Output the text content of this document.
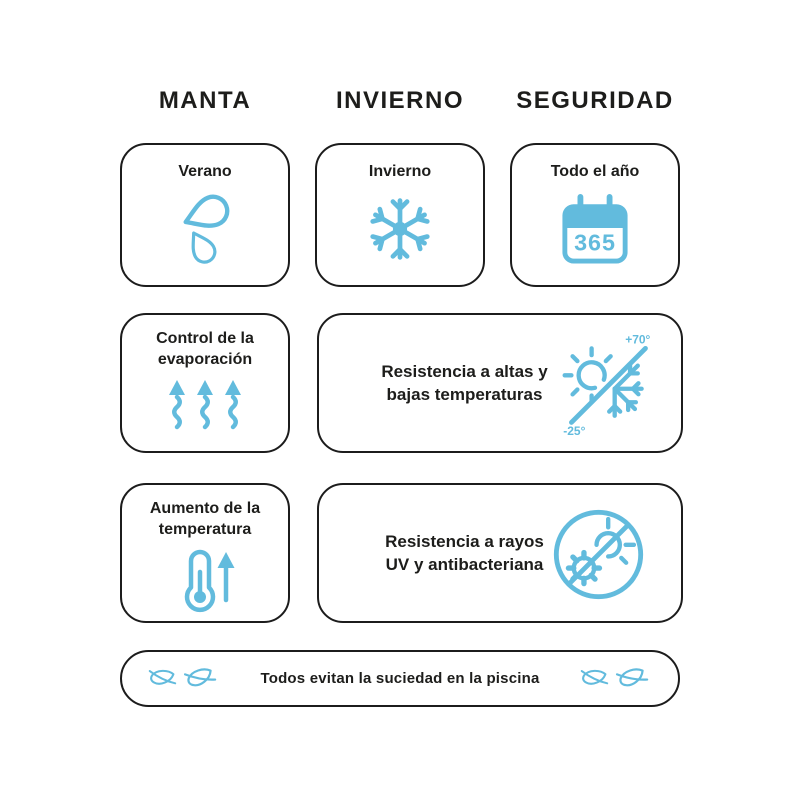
MANTA	INVIERNO	SEGURIDAD
Verano	Invierno	Todo el año
365
Control de la
evaporación
Resistencia a altas y
bajas temperaturas
+70°
-25°
Aumento de la
temperatura
Resistencia a rayos
UV y antibacteriana
Todos evitan la suciedad en la piscina
